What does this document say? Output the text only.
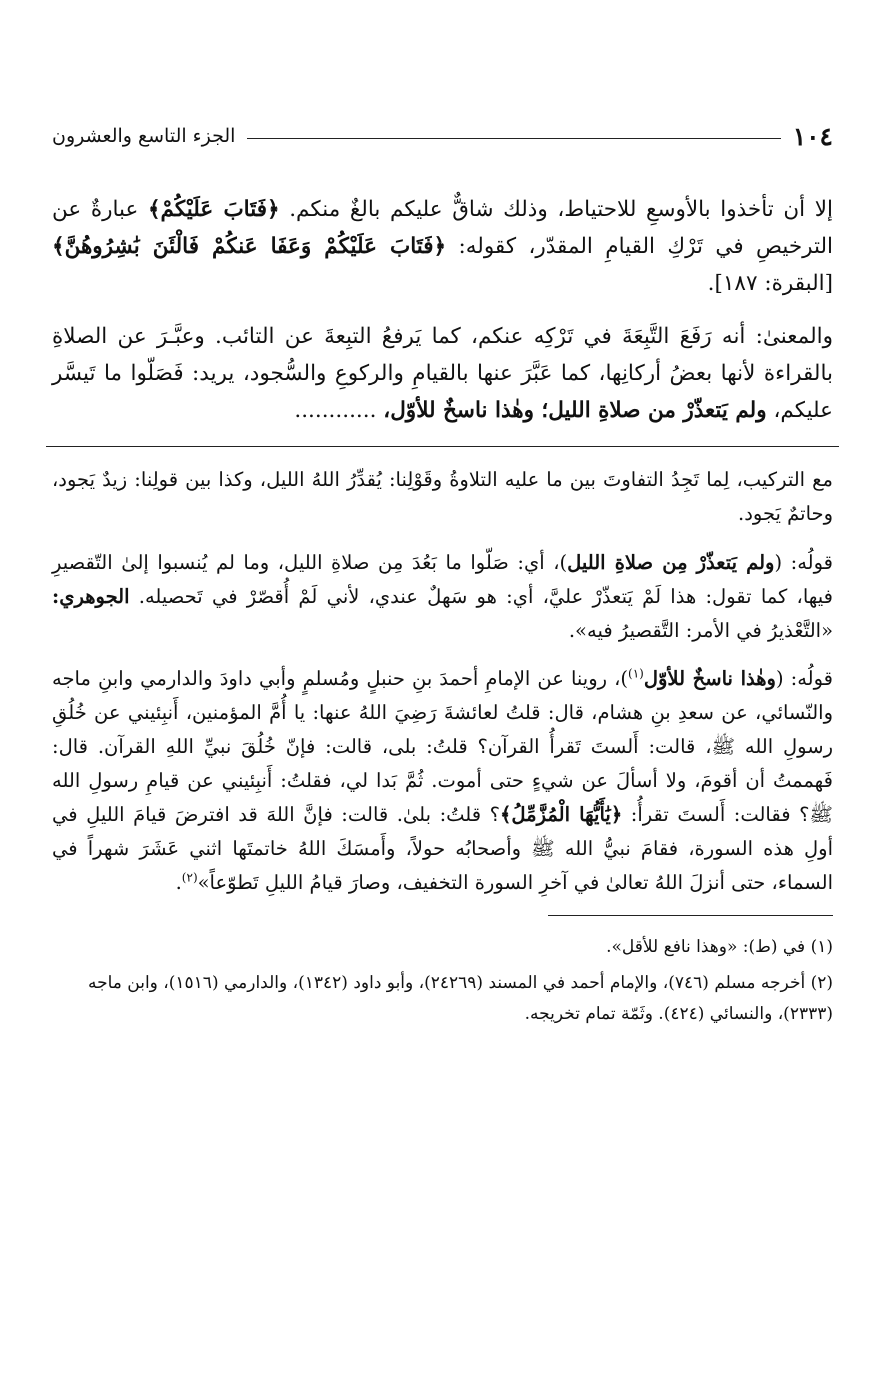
الجزء التاسع والعشرون	١٠٤

إلا أن تأخذوا بالأوسعِ للاحتياط، وذلك شاقٌّ عليكم بالغٌ منكم. ﴿فَتَابَ عَلَيْكُمْ﴾ عبارةٌ عن الترخيصِ في تَرْكِ القيامِ المقدّر، كقوله: ﴿فَتَابَ عَلَيْكُمْ وَعَفَا عَنكُمْ فَالْئَنَ بَٰشِرُوهُنَّ﴾ [البقرة: ١٨٧].

والمعنىٰ: أنه رَفَعَ التَّبِعَةَ في تَرْكِه عنكم، كما يَرفعُ التبِعةَ عن التائب. وعبَّـرَ عن الصلاةِ بالقراءة لأنها بعضُ أركانِها، كما عَبَّرَ عنها بالقيامِ والركوعِ والسُّجود، يريد: فَصَلّوا ما تَيسَّر عليكم، ولم يَتعذّرْ من صلاةِ الليل؛ وهٰذا ناسخٌ للأوّل، ............

مع التركيب، لِما تَجِدُ التفاوتَ بين ما عليه التلاوةُ وقَوْلِنا: يُقدِّرُ اللهُ الليل، وكذا بين قولِنا: زيدٌ يَجود، وحاتمٌ يَجود.

قولُه: (ولم يَتعذّرْ مِن صلاةِ الليل)، أي: صَلّوا ما بَعُدَ مِن صلاةِ الليل، وما لم يُنسبوا إلىٰ التّقصيرِ فيها، كما تقول: هذا لَمْ يَتعذّرْ عليَّ، أي: هو سَهلٌ عندي، لأني لَمْ أُقصّرْ في تَحصيله. الجوهري: «التَّعْذيرُ في الأمر: التَّقصيرُ فيه».

قولُه: (وهٰذا ناسخٌ للأوّل$^{(١)}$)، روينا عن الإمامِ أحمدَ بنِ حنبلٍ ومُسلمٍ وأبي داودَ والدارمي وابنِ ماجه والنّسائي، عن سعدِ بنِ هشام، قال: قلتُ لعائشةَ رَضِيَ اللهُ عنها: يا أُمَّ المؤمنين، أَنبِئيني عن خُلُقِ رسولِ الله ﷺ، قالت: أَلستَ تَقرأُ القرآن؟ قلتُ: بلى، قالت: فإنّ خُلُقَ نبيِّ اللهِ القرآن. قال: فَهممتُ أن أقومَ، ولا أسألَ عن شيءٍ حتى أموت. ثُمَّ بَدا لي، فقلتُ: أَنبِئيني عن قيامِ رسولِ الله ﷺ؟ فقالت: أَلستَ تقرأُ: ﴿يَٰأَيُّهَا الْمُزَّمِّلُ﴾؟ قلتُ: بلىٰ. قالت: فإنَّ اللهَ قد افترضَ قيامَ الليلِ في أولِ هذه السورة، فقامَ نبيُّ الله ﷺ وأصحابُه حولاً، وأَمسَكَ اللهُ خاتمتَها اثني عَشَرَ شهراً في السماء، حتى أنزلَ اللهُ تعالىٰ في آخرِ السورة التخفيف، وصارَ قيامُ الليلِ تَطوّعاً»$^{(٢)}$.

(١) في (ط): «وهذا نافع للأقل».

(٢) أخرجه مسلم (٧٤٦)، والإمام أحمد في المسند (٢٤٢٦٩)، وأبو داود (١٣٤٢)، والدارمي (١٥١٦)، وابن ماجه (٢٣٣٣)، والنسائي (٤٢٤). وثَمّة تمام تخريجه.
